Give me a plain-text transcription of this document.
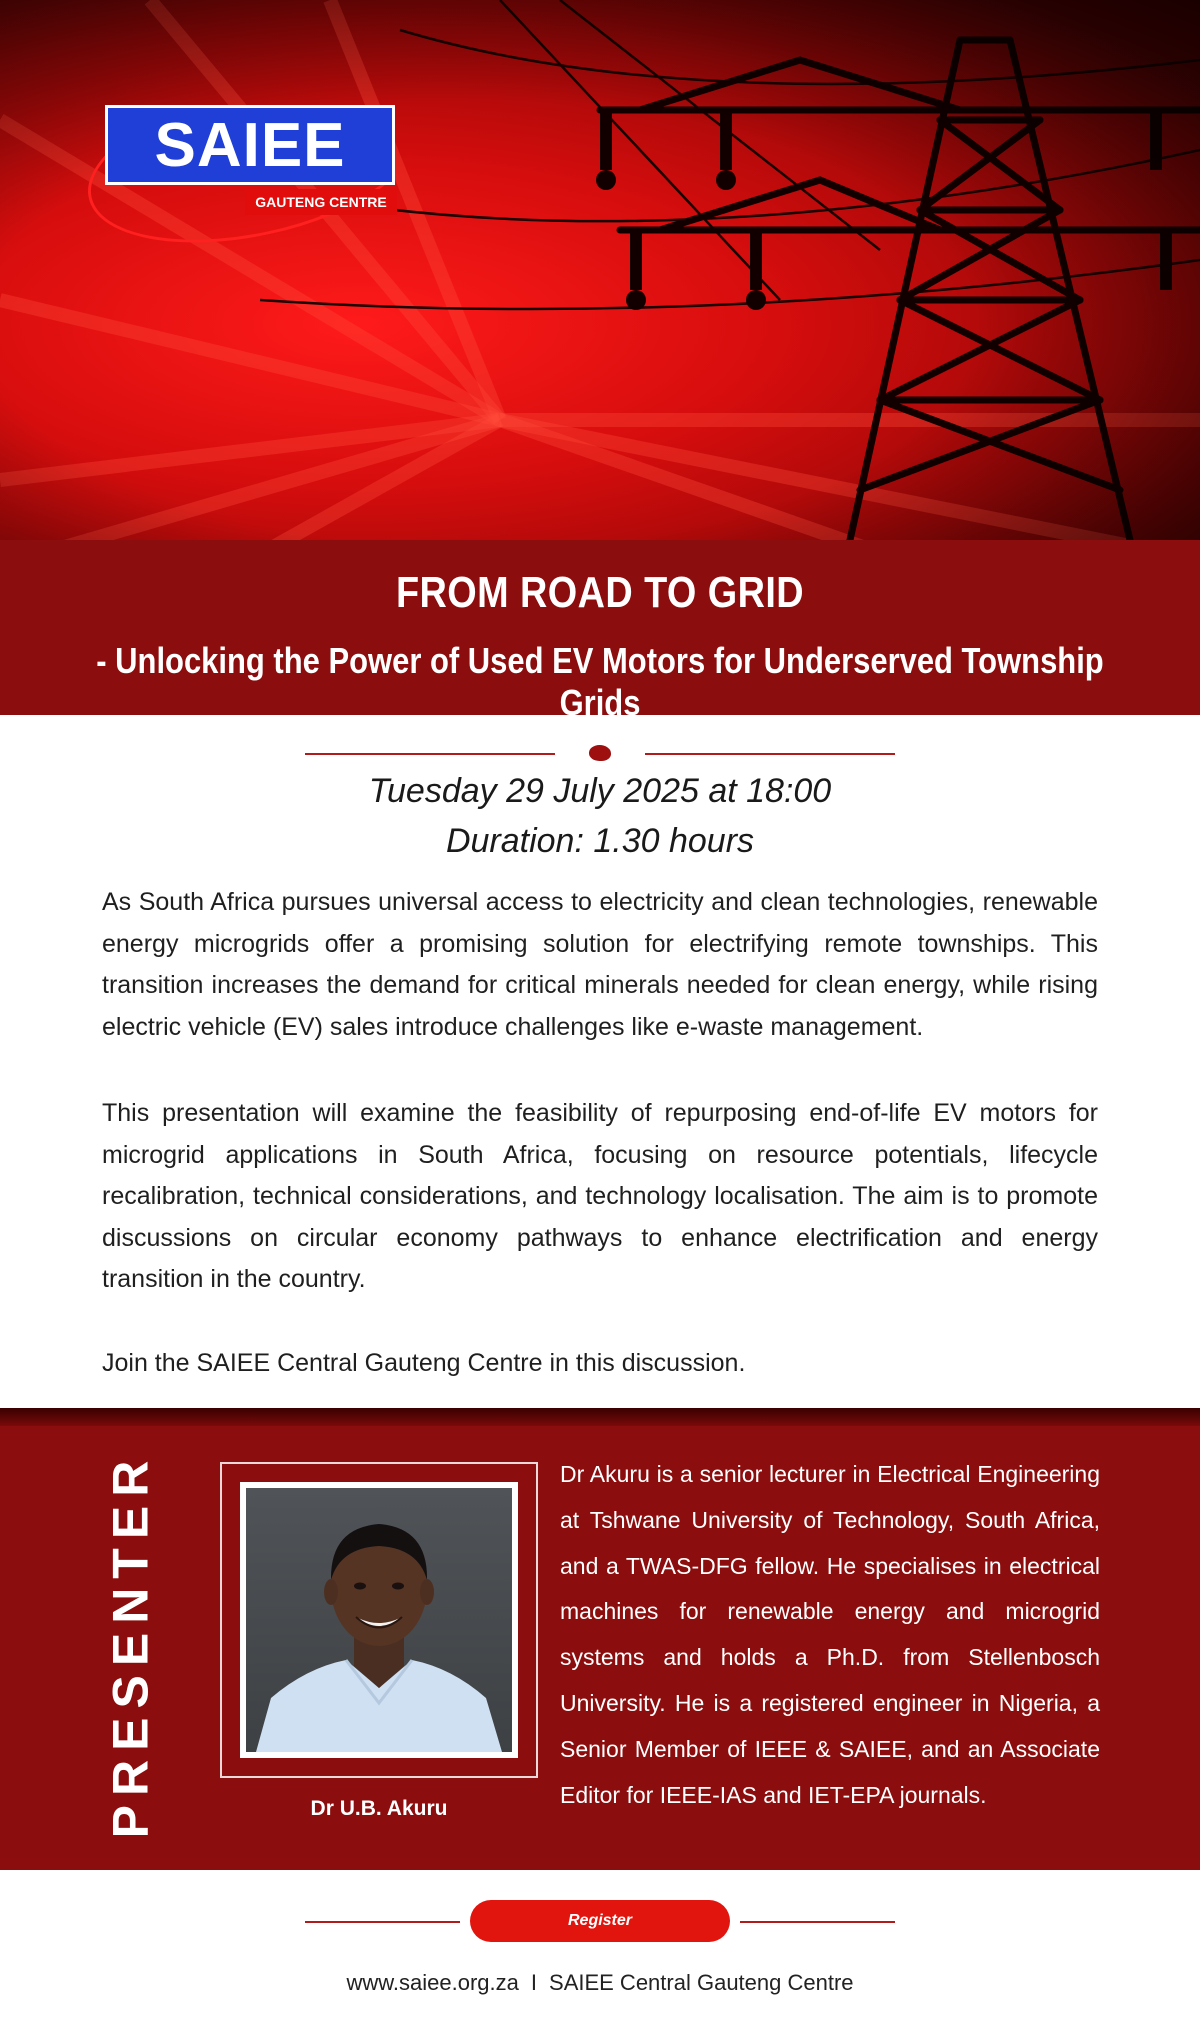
SAIEE
GAUTENG CENTRE
FROM ROAD TO GRID
- Unlocking the Power of Used EV Motors for Underserved Township Grids
Tuesday 29 July 2025 at 18:00
Duration: 1.30 hours

As South Africa pursues universal access to electricity and clean technologies, renewable energy microgrids offer a promising solution for electrifying remote townships. This transition increases the demand for critical minerals needed for clean energy, while rising electric vehicle (EV) sales introduce challenges like e-waste management.

This presentation will examine the feasibility of repurposing end-of-life EV motors for microgrid applications in South Africa, focusing on resource potentials, lifecycle recalibration, technical considerations, and technology localisation. The aim is to promote discussions on circular economy pathways to enhance electrification and energy transition in the country.

Join the SAIEE Central Gauteng Centre in this discussion.

PRESENTER	Dr U.B. Akuru

Dr Akuru is a senior lecturer in Electrical Engineering at Tshwane University of Technology, South Africa, and a TWAS-DFG fellow. He specialises in electrical machines for renewable energy and microgrid systems and holds a Ph.D. from Stellenbosch University. He is a registered engineer in Nigeria, a Senior Member of IEEE & SAIEE, and an Associate Editor for IEEE-IAS and IET-EPA journals.

Register
www.saiee.org.za I SAIEE Central Gauteng Centre
